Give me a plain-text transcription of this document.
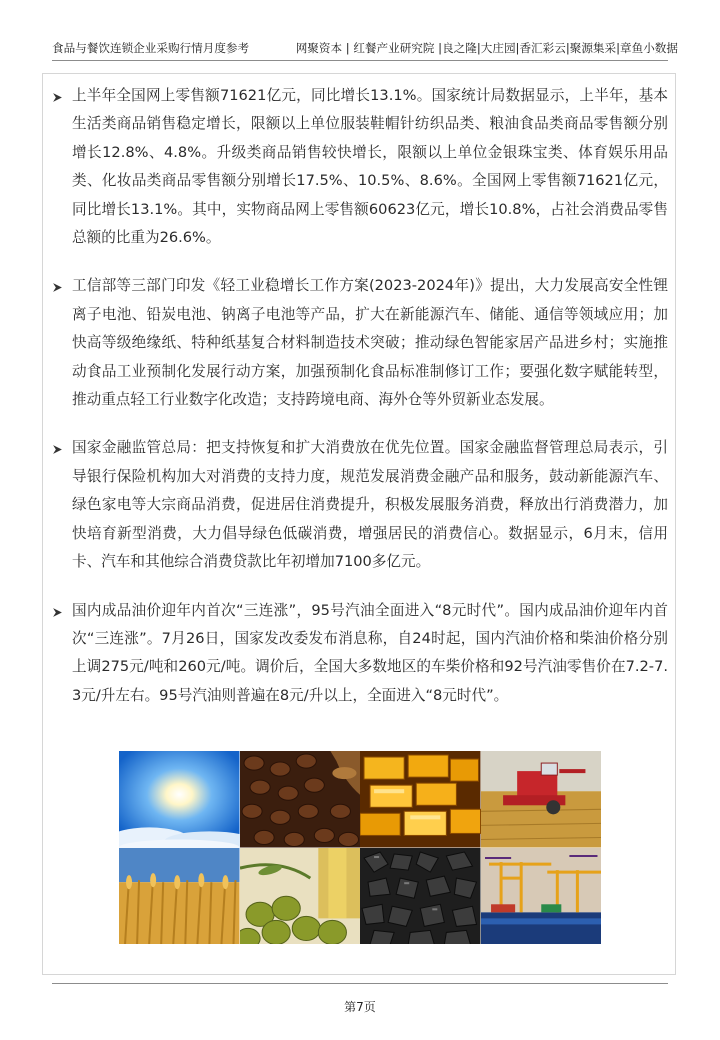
食品与餐饮连锁企业采购行情月度参考	网聚资本 | 红餐产业研究院 |良之隆|大庄园|香汇彩云|聚源集采|章鱼小数据

上半年全国网上零售额71621亿元，同比增长13.1%。国家统计局数据显示，上半年，基本生活类商品销售稳定增长，限额以上单位服装鞋帽针纺织品类、粮油食品类商品零售额分别增长12.8%、4.8%。升级类商品销售较快增长，限额以上单位金银珠宝类、体育娱乐用品类、化妆品类商品零售额分别增长17.5%、10.5%、8.6%。全国网上零售额71621亿元，同比增长13.1%。其中，实物商品网上零售额60623亿元，增长10.8%，占社会消费品零售总额的比重为26.6%。

工信部等三部门印发《轻工业稳增长工作方案(2023-2024年)》提出，大力发展高安全性锂离子电池、铅炭电池、钠离子电池等产品，扩大在新能源汽车、储能、通信等领域应用；加快高等级绝缘纸、特种纸基复合材料制造技术突破；推动绿色智能家居产品进乡村；实施推动食品工业预制化发展行动方案，加强预制化食品标准制修订工作；要强化数字赋能转型，推动重点轻工行业数字化改造；支持跨境电商、海外仓等外贸新业态发展。

国家金融监管总局：把支持恢复和扩大消费放在优先位置。国家金融监督管理总局表示，引导银行保险机构加大对消费的支持力度，规范发展消费金融产品和服务，鼓动新能源汽车、绿色家电等大宗商品消费，促进居住消费提升，积极发展服务消费，释放出行消费潜力，加快培育新型消费，大力倡导绿色低碳消费，增强居民的消费信心。数据显示，6月末，信用卡、汽车和其他综合消费贷款比年初增加7100多亿元。

国内成品油价迎年内首次“三连涨”，95号汽油全面进入“8元时代”。国内成品油价迎年内首次“三连涨”。7月26日，国家发改委发布消息称，自24时起，国内汽油价格和柴油价格分别上调275元/吨和260元/吨。调价后，全国大多数地区的车柴价格和92号汽油零售价在7.2-7.3元/升左右。95号汽油则普遍在8元/升以上，全面进入“8元时代”。

第7页
